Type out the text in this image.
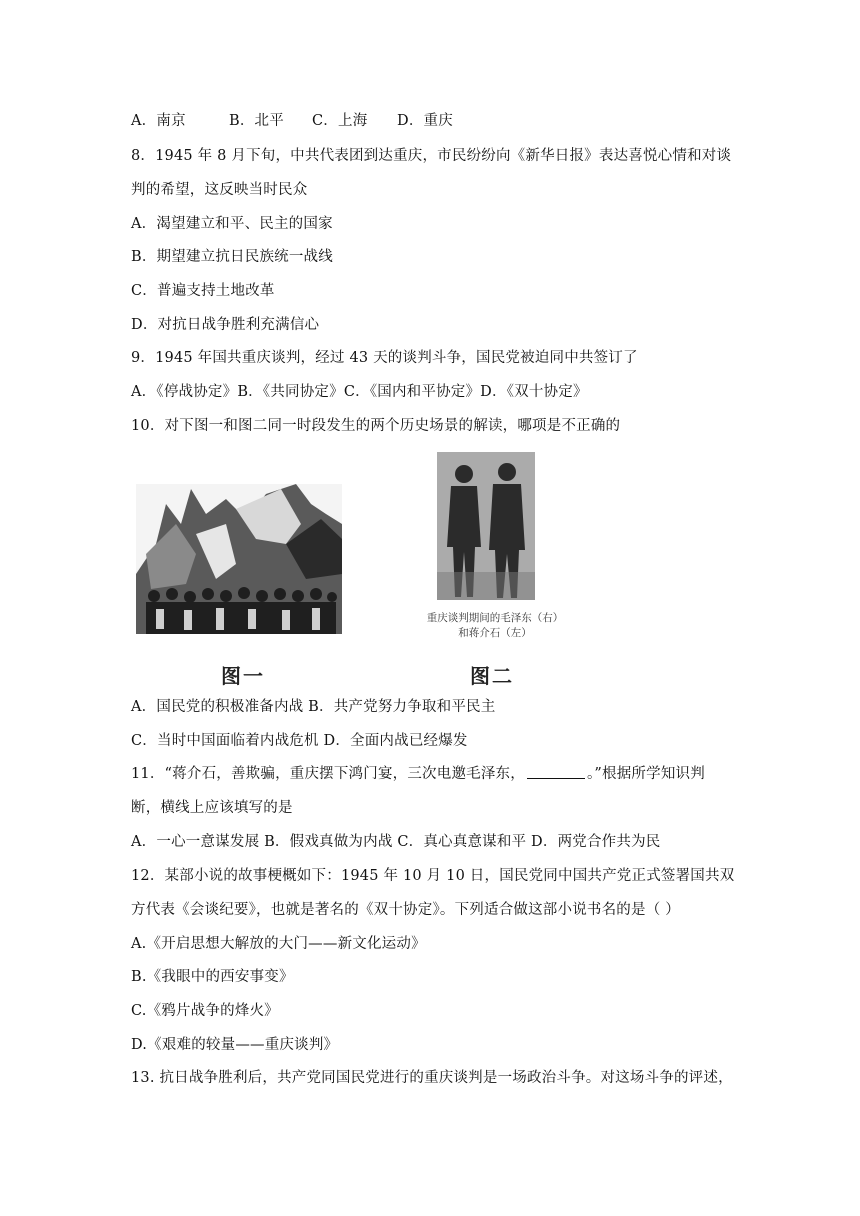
A．南京	B．北平 C．上海 D．重庆
8．1945 年 8 月下旬，中共代表团到达重庆，市民纷纷向《新华日报》表达喜悦心情和对谈
判的希望，这反映当时民众
A．渴望建立和平、民主的国家
B．期望建立抗日民族统一战线
C．普遍支持土地改革
D．对抗日战争胜利充满信心
9．1945 年国共重庆谈判，经过 43 天的谈判斗争，国民党被迫同中共签订了
A．《停战协定》B．《共同协定》C．《国内和平协定》D．《双十协定》
10．对下图一和图二同一时段发生的两个历史场景的解读，哪项是不正确的
图一
重庆谈判期间的毛泽东（右）
和蒋介石（左）
图二
A．国民党的积极准备内战 B．共产党努力争取和平民主
C．当时中国面临着内战危机 D．全面内战已经爆发
11．“蒋介石，善欺骗，重庆摆下鸿门宴，三次电邀毛泽东，	。”根据所学知识判
断，横线上应该填写的是
A．一心一意谋发展 B．假戏真做为内战 C．真心真意谋和平 D．两党合作共为民
12．某部小说的故事梗概如下：1945 年 10 月 10 日，国民党同中国共产党正式签署国共双
方代表《会谈纪要》，也就是著名的《双十协定》。下列适合做这部小说书名的是（ ）
A.《开启思想大解放的大门——新文化运动》
B.《我眼中的西安事变》
C.《鸦片战争的烽火》
D.《艰难的较量——重庆谈判》
13. 抗日战争胜利后，共产党同国民党进行的重庆谈判是一场政治斗争。对这场斗争的评述，
